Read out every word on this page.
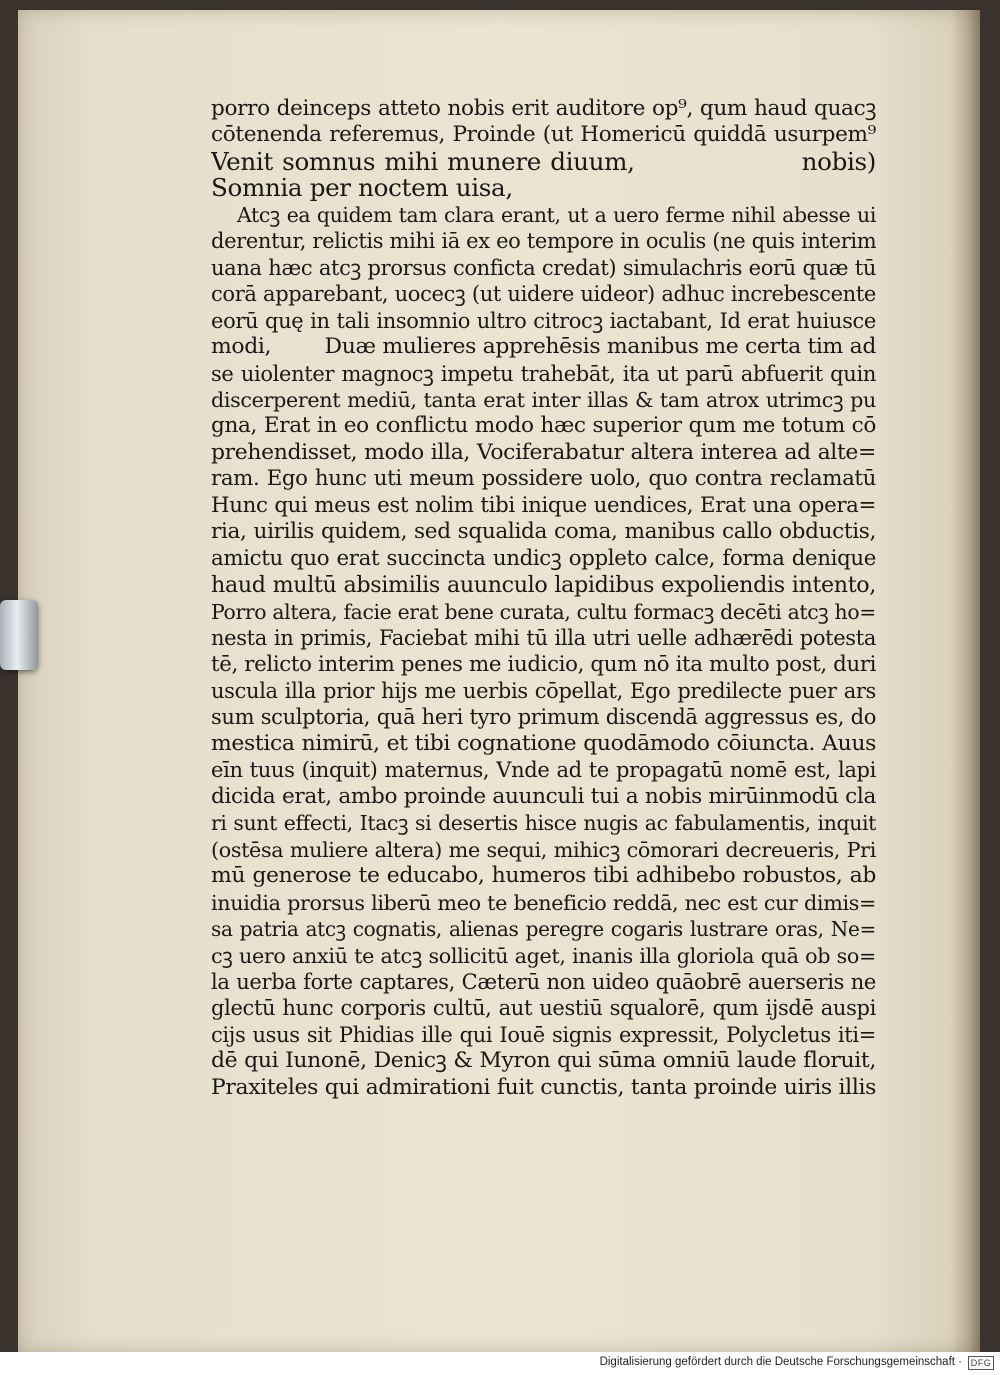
porro deinceps atteto nobis erit auditore op⁹, qum haud quacꝫ
cōtenenda referemus, Proinde (ut Homericū quiddā usurpem⁹
Venit somnus mihi munere diuum,                  nobis)
Somnia per noctem uisa,
Atcꝫ ea quidem tam clara erant, ut a uero ferme nihil abesse ui
derentur, relictis mihi iā ex eo tempore in oculis (ne quis interim
uana hæc atcꝫ prorsus conficta credat) simulachris eorū quæ tū
corā apparebant, uocecꝫ (ut uidere uideor) adhuc increbescente
eorū quę in tali insomnio ultro citrocꝫ iactabant, Id erat huiusce
modi,        Duæ mulieres apprehēsis manibus me certa tim ad
se uiolenter magnocꝫ impetu trahebāt, ita ut parū abfuerit quin
discerperent mediū, tanta erat inter illas & tam atrox utrimcꝫ pu
gna, Erat in eo conflictu modo hæc superior qum me totum cō
prehendisset, modo illa, Vociferabatur altera interea ad alte=
ram. Ego hunc uti meum possidere uolo, quo contra reclamatū
Hunc qui meus est nolim tibi inique uendices, Erat una opera=
ria, uirilis quidem, sed squalida coma, manibus callo obductis,
amictu quo erat succincta undicꝫ oppleto calce, forma denique
haud multū absimilis auunculo lapidibus expoliendis intento,
Porro altera, facie erat bene curata, cultu formacꝫ decēti atcꝫ ho=
nesta in primis, Faciebat mihi tū illa utri uelle adhærēdi potesta
tē, relicto interim penes me iudicio, qum nō ita multo post, duri
uscula illa prior hijs me uerbis cōpellat, Ego predilecte puer ars
sum sculptoria, quā heri tyro primum discendā aggressus es, do
mestica nimirū, et tibi cognatione quodāmodo cōiuncta. Auus
eīn tuus (inquit) maternus, Vnde ad te propagatū nomē est, lapi
dicida erat, ambo proinde auunculi tui a nobis mirūinmodū cla
ri sunt effecti, Itacꝫ si desertis hisce nugis ac fabulamentis, inquit
(ostēsa muliere altera) me sequi, mihicꝫ cōmorari decreueris, Pri
mū generose te educabo, humeros tibi adhibebo robustos, ab
inuidia prorsus liberū meo te beneficio reddā, nec est cur dimis=
sa patria atcꝫ cognatis, alienas peregre cogaris lustrare oras, Ne=
cꝫ uero anxiū te atcꝫ sollicitū aget, inanis illa gloriola quā ob so=
la uerba forte captares, Cæterū non uideo quāobrē auerseris ne
glectū hunc corporis cultū, aut uestiū squalorē, qum ijsdē auspi
cijs usus sit Phidias ille qui Iouē signis expressit, Polycletus iti=
dē qui Iunonē, Denicꝫ & Myron qui sūma omniū laude floruit,
Praxiteles qui admirationi fuit cunctis, tanta proinde uiris illis
Digitalisierung gefördert durch die Deutsche Forschungsgemeinschaft · DFG
